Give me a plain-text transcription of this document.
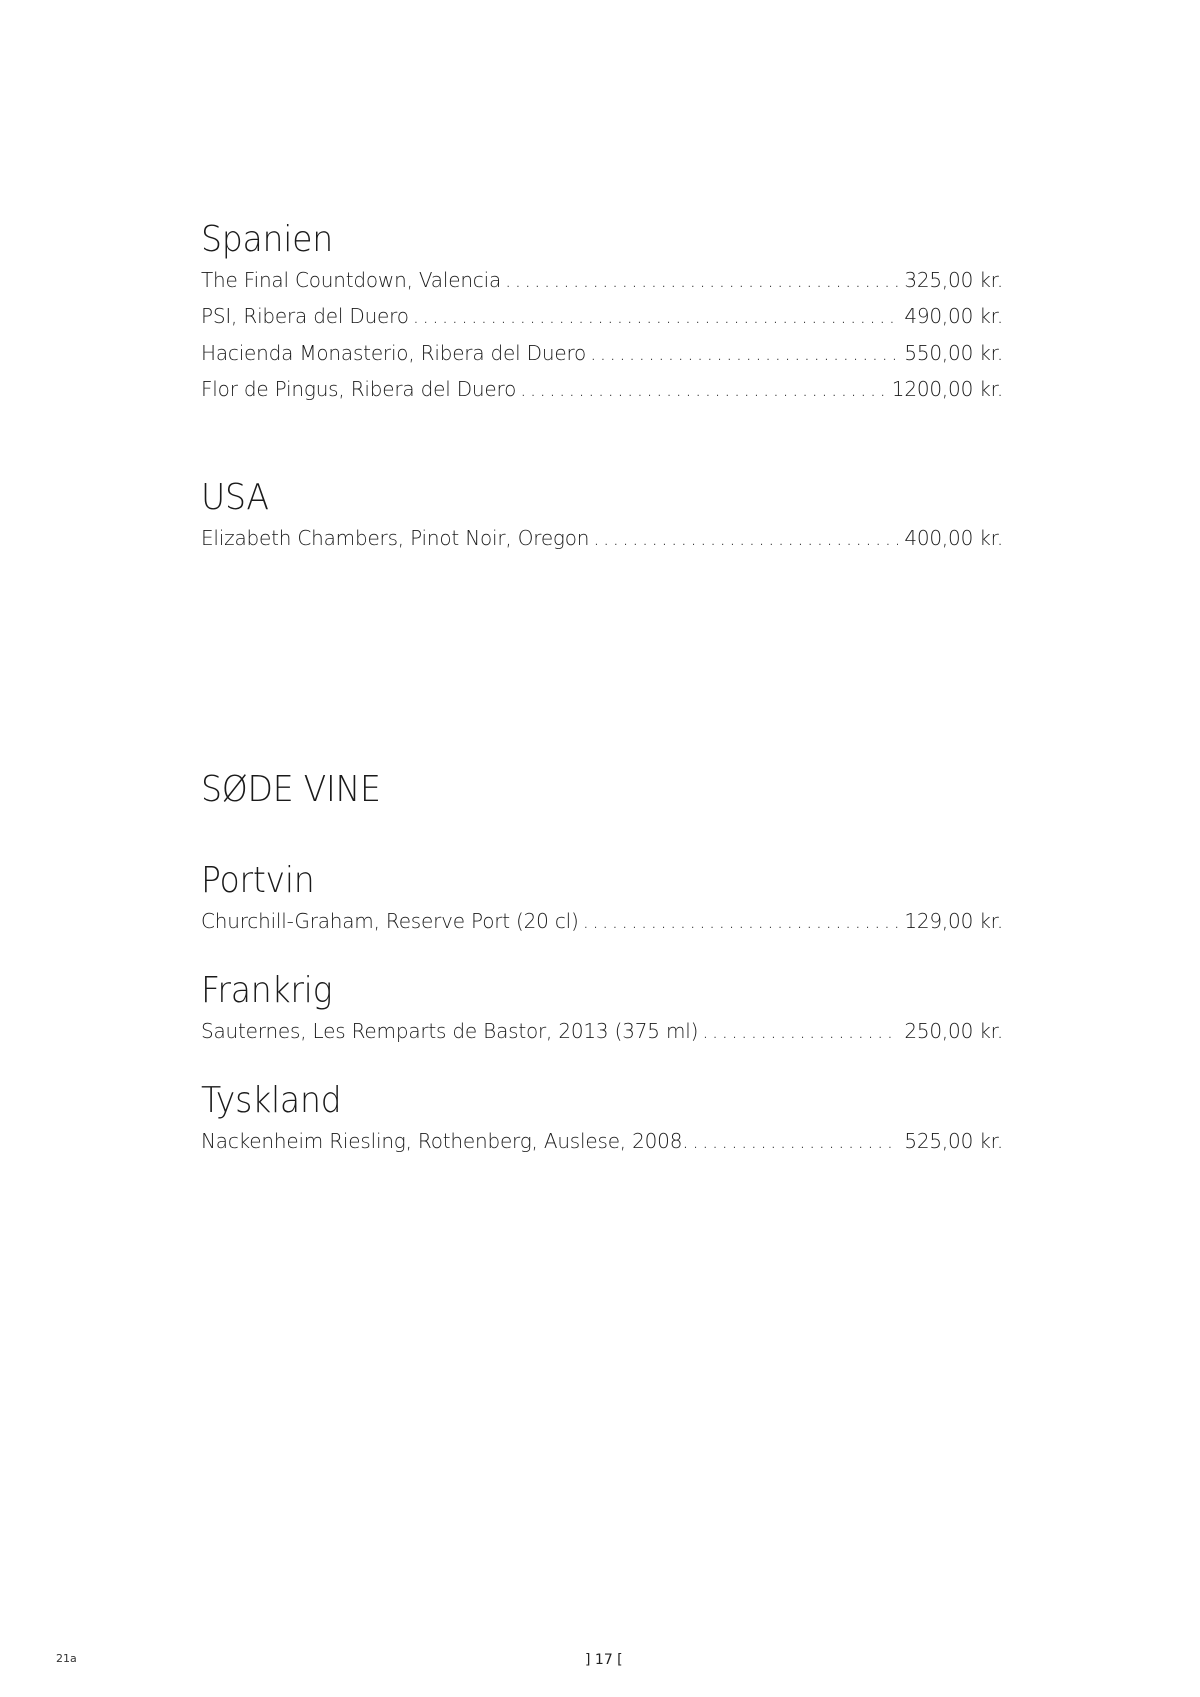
Spanien
The Final Countdown, Valencia . . .	325,00 kr.
PSI, Ribera del Duero . . .	490,00 kr.
Hacienda Monasterio, Ribera del Duero . . .	550,00 kr.
Flor de Pingus, Ribera del Duero . . .	1200,00 kr.
USA
Elizabeth Chambers, Pinot Noir, Oregon . . .	400,00 kr.
SØDE VINE
Portvin
Churchill-Graham, Reserve Port (20 cl) . . .	129,00 kr.
Frankrig
Sauternes, Les Remparts de Bastor, 2013 (375 ml) . . .	250,00 kr.
Tyskland
Nackenheim Riesling, Rothenberg, Auslese, 2008. . . .	525,00 kr.
21a	] 17 [
